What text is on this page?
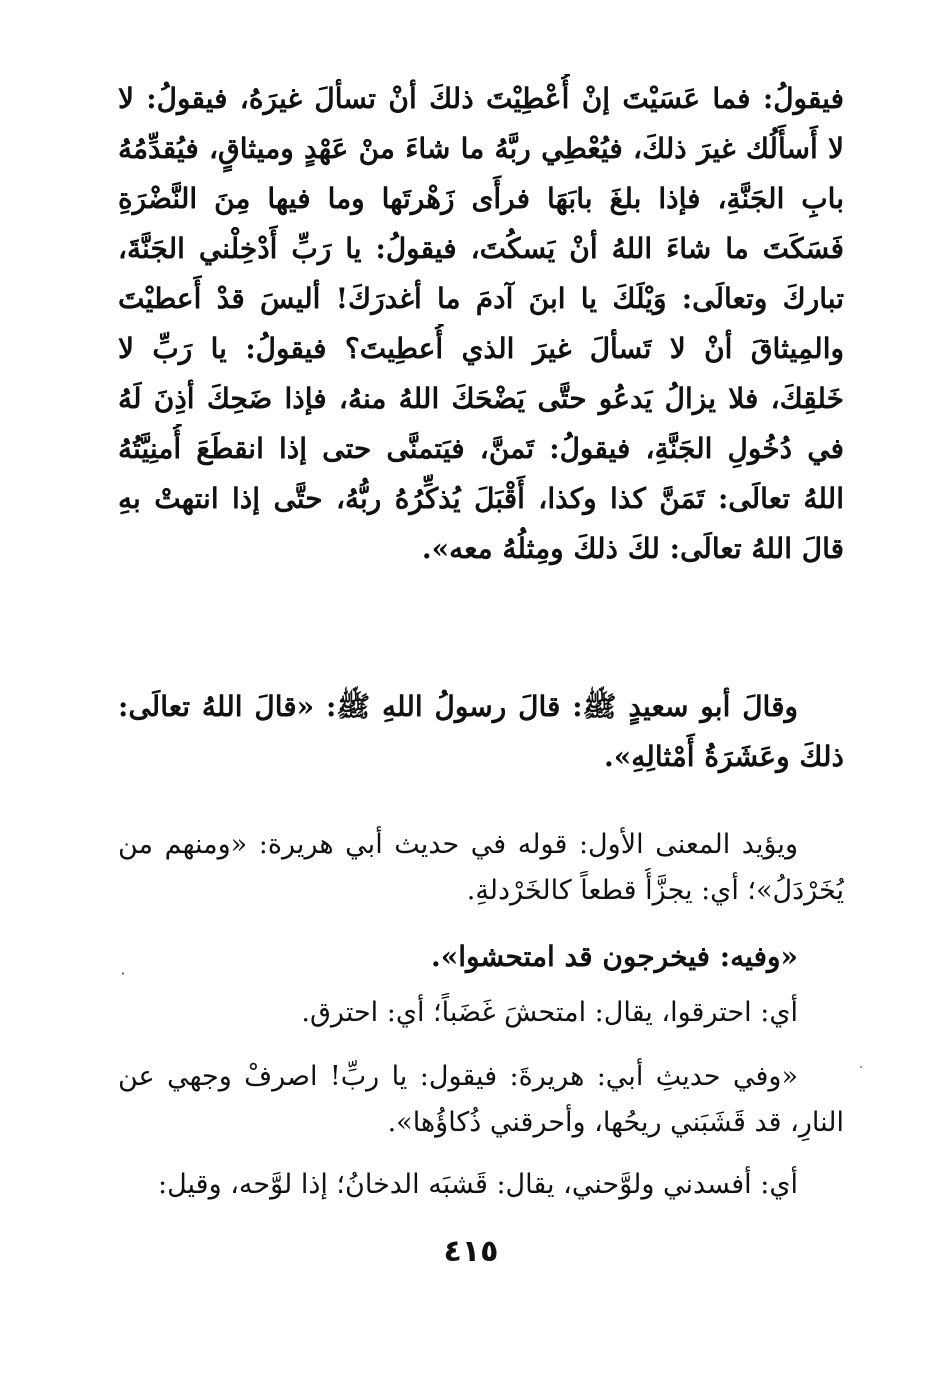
فيقولُ: فما عَسَيْتَ إنْ أُعْطِيْتَ ذلكَ أنْ تسألَ غيرَهُ، فيقولُ: لا
لا أَسأَلُك غيرَ ذلكَ، فيُعْطِي ربَّهُ ما شاءَ منْ عَهْدٍ وميثاقٍ، فيُقدِّمُهُ
بابِ الجَنَّةِ، فإذا بلغَ بابَهَا فرأَى زَهْرتَها وما فيها مِنَ النَّضْرَةِ
فَسَكَتَ ما شاءَ اللهُ أنْ يَسكُتَ، فيقولُ: يا رَبِّ أَدْخِلْني الجَنَّةَ،
تباركَ وتعالَى: وَيْلَكَ يا ابنَ آدمَ ما أغدرَكَ! أليسَ قدْ أَعطيْتَ
والمِيثاقَ أنْ لا تَسألَ غيرَ الذي أُعطِيتَ؟ فيقولُ: يا رَبِّ لا
خَلقِكَ، فلا يزالُ يَدعُو حتَّى يَضْحَكَ اللهُ منهُ، فإذا ضَحِكَ أذِنَ لَهُ
في دُخُولِ الجَنَّةِ، فيقولُ: تَمنَّ، فيَتمنَّى حتى إذا انقطَعَ أُمنِيَّتُهُ
اللهُ تعالَى: تَمَنَّ كذا وكذا، أَقْبَلَ يُذكِّرُهُ ربُّهُ، حتَّى إذا انتهتْ بهِ
قالَ اللهُ تعالَى: لكَ ذلكَ ومِثلُهُ معه».
وقالَ أبو سعيدٍ ﷺ: قالَ رسولُ اللهِ ﷺ: «قالَ اللهُ تعالَى:
ذلكَ وعَشَرَةُ أَمْثالِهِ».
ويؤيد المعنى الأول: قوله في حديث أبي هريرة: «ومنهم من
يُخَرْدَلُ»؛ أي: يجزَّأُ قطعاً كالخَرْدلةِ.
«وفيه: فيخرجون قد امتحشوا».
أي: احترقوا، يقال: امتحشَ غَضَباً؛ أي: احترق.
«وفي حديثِ أبي: هريرةَ: فيقول: يا ربِّ! اصرفْ وجهي عن
النارِ، قد قَشَبَني ريحُها، وأحرقني ذُكاؤُها».
أي: أفسدني ولوَّحني، يقال: قَشبَه الدخانُ؛ إذا لوَّحه، وقيل:
٤١٥
